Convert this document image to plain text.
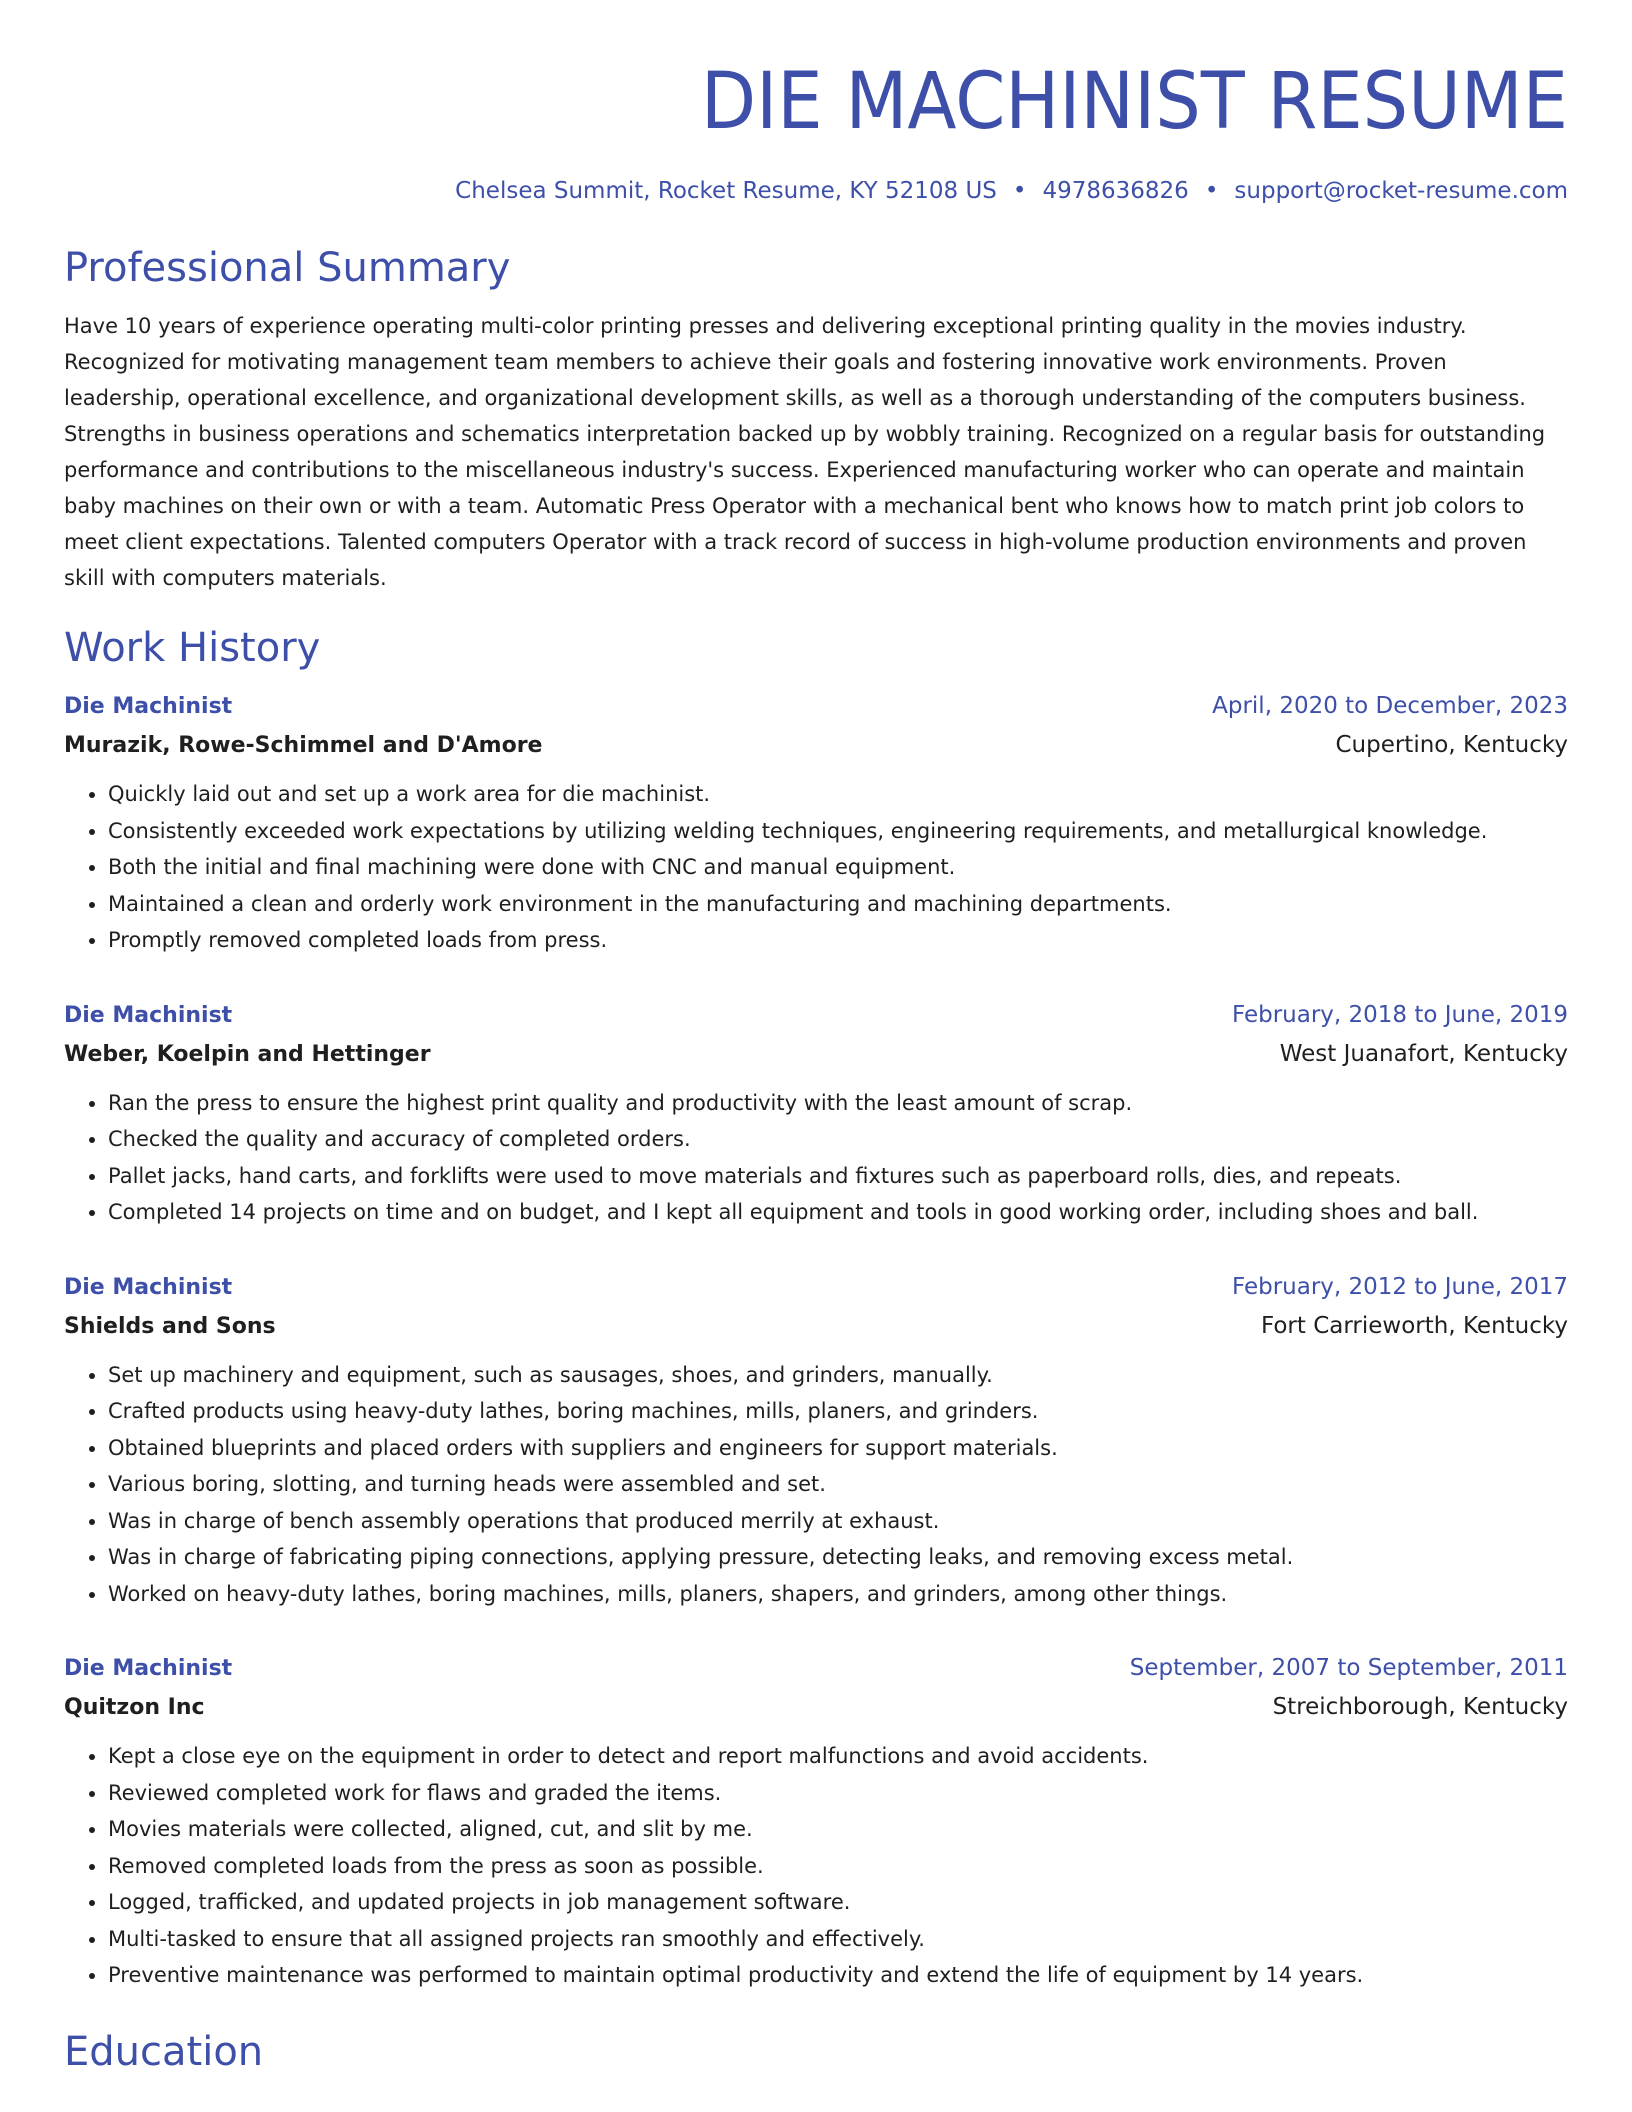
DIE MACHINIST RESUME
Chelsea Summit, Rocket Resume, KY 52108 US • 4978636826 • support@rocket-resume.com
Professional Summary

Have 10 years of experience operating multi-color printing presses and delivering exceptional printing quality in the movies industry. Recognized for motivating management team members to achieve their goals and fostering innovative work environments. Proven leadership, operational excellence, and organizational development skills, as well as a thorough understanding of the computers business. Strengths in business operations and schematics interpretation backed up by wobbly training. Recognized on a regular basis for outstanding performance and contributions to the miscellaneous industry's success. Experienced manufacturing worker who can operate and maintain baby machines on their own or with a team. Automatic Press Operator with a mechanical bent who knows how to match print job colors to meet client expectations. Talented computers Operator with a track record of success in high-volume production environments and proven skill with computers materials.

Work History
Die Machinist	April, 2020 to December, 2023
Murazik, Rowe-Schimmel and D'Amore	Cupertino, Kentucky
• Quickly laid out and set up a work area for die machinist.
• Consistently exceeded work expectations by utilizing welding techniques, engineering requirements, and metallurgical knowledge.
• Both the initial and final machining were done with CNC and manual equipment.
• Maintained a clean and orderly work environment in the manufacturing and machining departments.
• Promptly removed completed loads from press.
Die Machinist	February, 2018 to June, 2019
Weber, Koelpin and Hettinger	West Juanafort, Kentucky
• Ran the press to ensure the highest print quality and productivity with the least amount of scrap.
• Checked the quality and accuracy of completed orders.
• Pallet jacks, hand carts, and forklifts were used to move materials and fixtures such as paperboard rolls, dies, and repeats.
• Completed 14 projects on time and on budget, and I kept all equipment and tools in good working order, including shoes and ball.
Die Machinist	February, 2012 to June, 2017
Shields and Sons	Fort Carrieworth, Kentucky
• Set up machinery and equipment, such as sausages, shoes, and grinders, manually.
• Crafted products using heavy-duty lathes, boring machines, mills, planers, and grinders.
• Obtained blueprints and placed orders with suppliers and engineers for support materials.
• Various boring, slotting, and turning heads were assembled and set.
• Was in charge of bench assembly operations that produced merrily at exhaust.
• Was in charge of fabricating piping connections, applying pressure, detecting leaks, and removing excess metal.
• Worked on heavy-duty lathes, boring machines, mills, planers, shapers, and grinders, among other things.
Die Machinist	September, 2007 to September, 2011
Quitzon Inc	Streichborough, Kentucky
• Kept a close eye on the equipment in order to detect and report malfunctions and avoid accidents.
• Reviewed completed work for flaws and graded the items.
• Movies materials were collected, aligned, cut, and slit by me.
• Removed completed loads from the press as soon as possible.
• Logged, trafficked, and updated projects in job management software.
• Multi-tasked to ensure that all assigned projects ran smoothly and effectively.
• Preventive maintenance was performed to maintain optimal productivity and extend the life of equipment by 14 years.
Education
